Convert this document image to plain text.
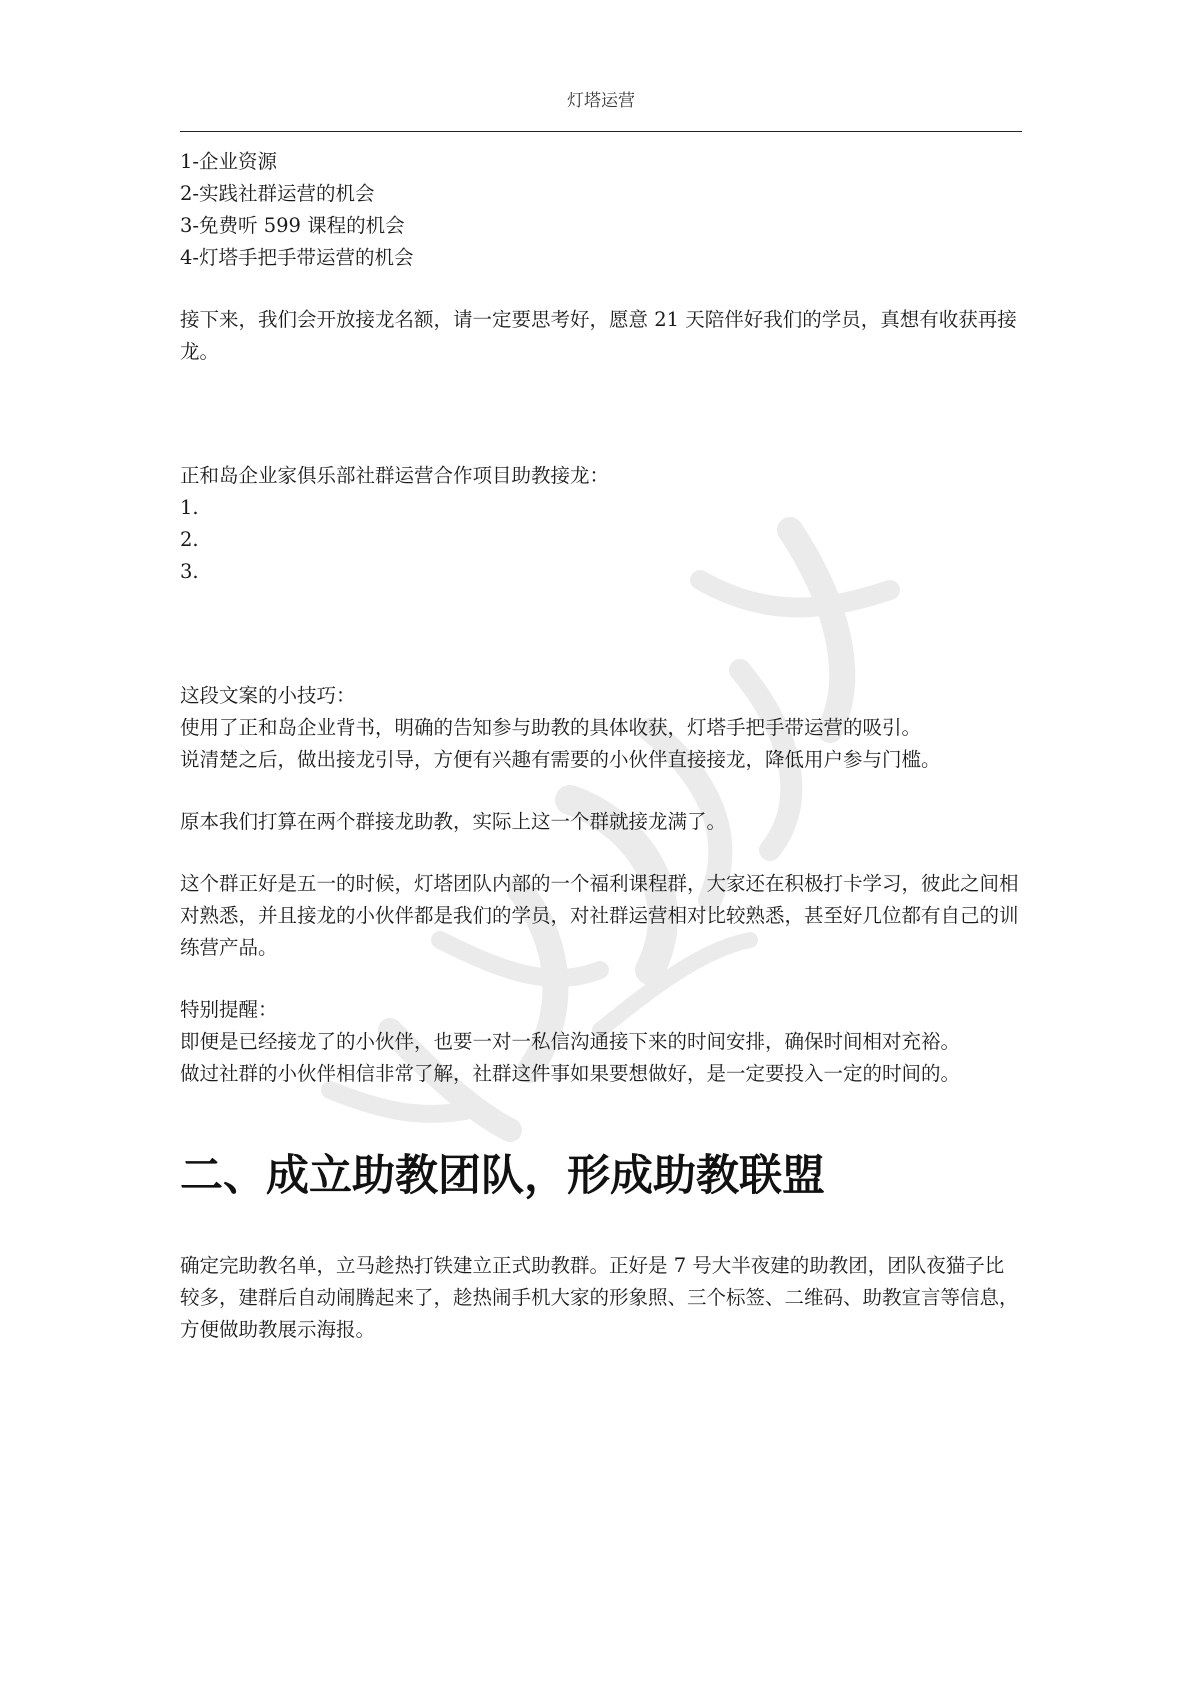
灯塔运营
1-企业资源
2-实践社群运营的机会
3-免费听 599 课程的机会
4-灯塔手把手带运营的机会

接下来，我们会开放接龙名额，请一定要思考好，愿意 21 天陪伴好我们的学员，真想有收获再接龙。

正和岛企业家俱乐部社群运营合作项目助教接龙：
1.
2.
3.
这段文案的小技巧：
使用了正和岛企业背书，明确的告知参与助教的具体收获，灯塔手把手带运营的吸引。
说清楚之后，做出接龙引导，方便有兴趣有需要的小伙伴直接接龙，降低用户参与门槛。

原本我们打算在两个群接龙助教，实际上这一个群就接龙满了。

这个群正好是五一的时候，灯塔团队内部的一个福利课程群，大家还在积极打卡学习，彼此之间相对熟悉，并且接龙的小伙伴都是我们的学员，对社群运营相对比较熟悉，甚至好几位都有自己的训练营产品。

特别提醒：
即便是已经接龙了的小伙伴，也要一对一私信沟通接下来的时间安排，确保时间相对充裕。
做过社群的小伙伴相信非常了解，社群这件事如果要想做好，是一定要投入一定的时间的。
二、成立助教团队，形成助教联盟

确定完助教名单，立马趁热打铁建立正式助教群。正好是 7 号大半夜建的助教团，团队夜猫子比较多，建群后自动闹腾起来了，趁热闹手机大家的形象照、三个标签、二维码、助教宣言等信息，方便做助教展示海报。
